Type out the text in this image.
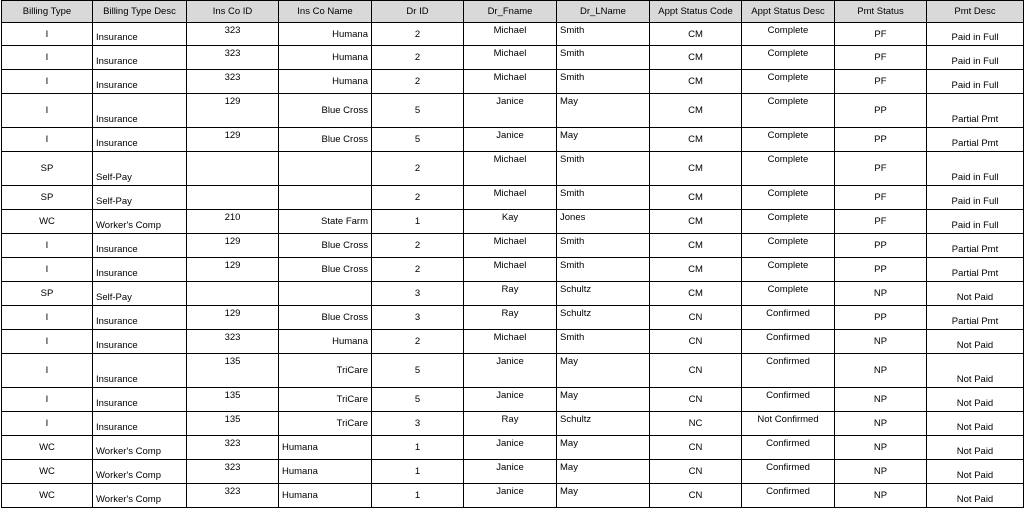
Billing Type	Billing Type Desc	Ins Co ID	Ins Co Name	Dr ID	Dr_Fname	Dr_LName	Appt Status Code	Appt Status Desc	Pmt Status	Pmt Desc
I	Insurance	323	Humana	2	Michael	Smith	CM	Complete	PF	Paid in Full
I	Insurance	323	Humana	2	Michael	Smith	CM	Complete	PF	Paid in Full
I	Insurance	323	Humana	2	Michael	Smith	CM	Complete	PF	Paid in Full
I	Insurance	129	Blue Cross	5	Janice	May	CM	Complete	PP	Partial Pmt
I	Insurance	129	Blue Cross	5	Janice	May	CM	Complete	PP	Partial Pmt
SP	Self-Pay			2	Michael	Smith	CM	Complete	PF	Paid in Full
SP	Self-Pay			2	Michael	Smith	CM	Complete	PF	Paid in Full
WC	Worker's Comp	210	State Farm	1	Kay	Jones	CM	Complete	PF	Paid in Full
I	Insurance	129	Blue Cross	2	Michael	Smith	CM	Complete	PP	Partial Pmt
I	Insurance	129	Blue Cross	2	Michael	Smith	CM	Complete	PP	Partial Pmt
SP	Self-Pay			3	Ray	Schultz	CM	Complete	NP	Not Paid
I	Insurance	129	Blue Cross	3	Ray	Schultz	CN	Confirmed	PP	Partial Pmt
I	Insurance	323	Humana	2	Michael	Smith	CN	Confirmed	NP	Not Paid
I	Insurance	135	TriCare	5	Janice	May	CN	Confirmed	NP	Not Paid
I	Insurance	135	TriCare	5	Janice	May	CN	Confirmed	NP	Not Paid
I	Insurance	135	TriCare	3	Ray	Schultz	NC	Not Confirmed	NP	Not Paid
WC	Worker's Comp	323	Humana	1	Janice	May	CN	Confirmed	NP	Not Paid
WC	Worker's Comp	323	Humana	1	Janice	May	CN	Confirmed	NP	Not Paid
WC	Worker's Comp	323	Humana	1	Janice	May	CN	Confirmed	NP	Not Paid
